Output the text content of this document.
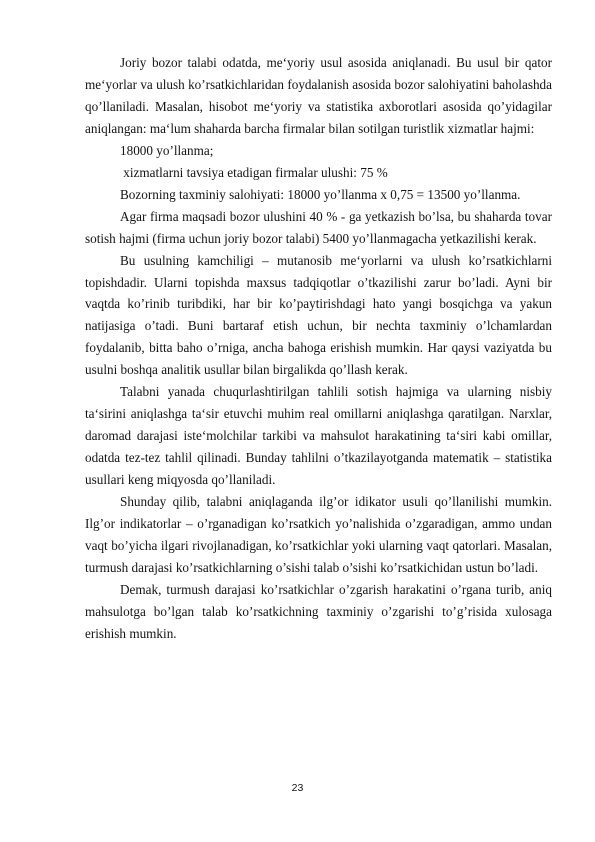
Joriy bozor talabi odatda, me‘yoriy usul asosida aniqlanadi. Bu usul bir qator me‘yorlar va ulush ko’rsatkichlaridan foydalanish asosida bozor salohiyatini baholashda qo’llaniladi. Masalan, hisobot me‘yoriy va statistika axborotlari asosida qo’yidagilar aniqlangan: ma‘lum shaharda barcha firmalar bilan sotilgan turistlik xizmatlar hajmi:

18000 yo’llanma;

xizmatlarni tavsiya etadigan firmalar ulushi: 75 %

Bozorning taxminiy salohiyati: 18000 yo’llanma x 0,75 = 13500 yo’llanma.

Agar firma maqsadi bozor ulushini 40 % - ga yetkazish bo’lsa, bu shaharda tovar sotish hajmi (firma uchun joriy bozor talabi) 5400 yo’llanmagacha yetkazilishi kerak.

Bu usulning kamchiligi – mutanosib me‘yorlarni va ulush ko’rsatkichlarni topishdadir. Ularni topishda maxsus tadqiqotlar o’tkazilishi zarur bo’ladi. Ayni bir vaqtda ko’rinib turibdiki, har bir ko’paytirishdagi hato yangi bosqichga va yakun natijasiga o’tadi. Buni bartaraf etish uchun, bir nechta taxminiy o’lchamlardan foydalanib, bitta baho o’rniga, ancha bahoga erishish mumkin. Har qaysi vaziyatda bu usulni boshqa analitik usullar bilan birgalikda qo’llash kerak.

Talabni yanada chuqurlashtirilgan tahlili sotish hajmiga va ularning nisbiy ta‘sirini aniqlashga ta‘sir etuvchi muhim real omillarni aniqlashga qaratilgan. Narxlar, daromad darajasi iste‘molchilar tarkibi va mahsulot harakatining ta‘siri kabi omillar, odatda tez-tez tahlil qilinadi. Bunday tahlilni o’tkazilayotganda matematik – statistika usullari keng miqyosda qo’llaniladi.

Shunday qilib, talabni aniqlaganda ilg’or idikator usuli qo’llanilishi mumkin. Ilg’or indikatorlar – o’rganadigan ko’rsatkich yo’nalishida o’zgaradigan, ammo undan vaqt bo’yicha ilgari rivojlanadigan, ko’rsatkichlar yoki ularning vaqt qatorlari. Masalan, turmush darajasi ko’rsatkichlarning o’sishi talab o’sishi ko’rsatkichidan ustun bo’ladi.

Demak, turmush darajasi ko’rsatkichlar o’zgarish harakatini o’rgana turib, aniq mahsulotga bo’lgan talab ko’rsatkichning taxminiy o’zgarishi to’g’risida xulosaga erishish mumkin.

23
